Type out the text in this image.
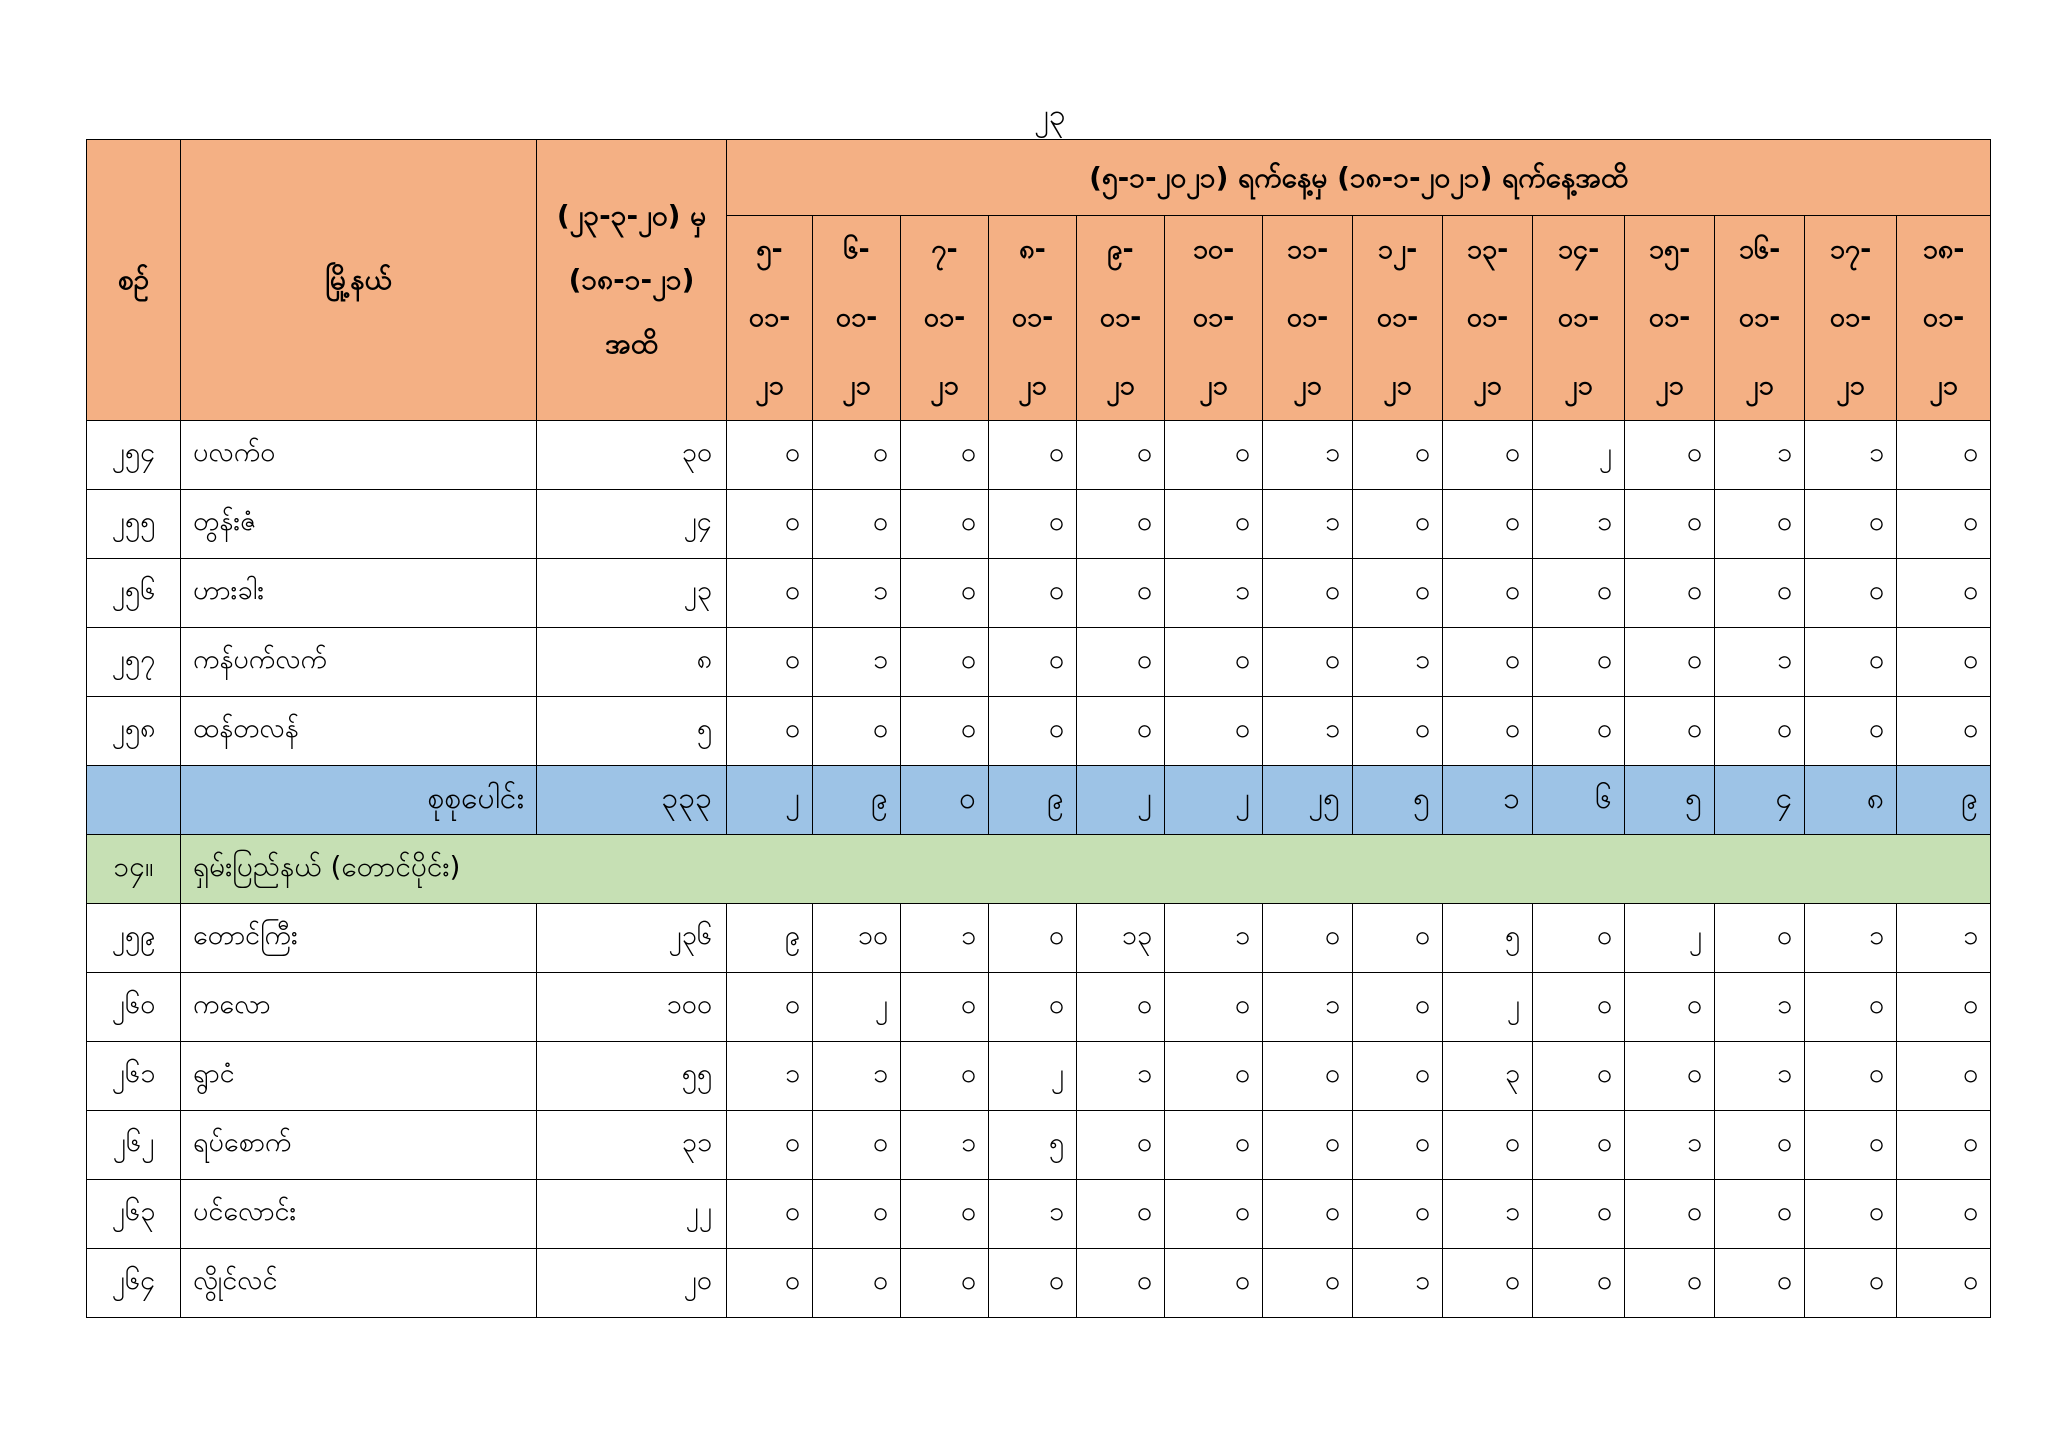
၂၃
စဉ်	မြို့နယ်	(၂၃-၃-၂၀) မှ
(၁၈-၁-၂၁)
အထိ	(၅-၁-၂၀၂၁) ရက်နေ့မှ (၁၈-၁-၂၀၂၁) ရက်နေ့အထိ													

			၅-
၀၁-
၂၁	၆-
၀၁-
၂၁	၇-
၀၁-
၂၁	၈-
၀၁-
၂၁	၉-
၀၁-
၂၁	၁၀-
၀၁-
၂၁	၁၁-
၀၁-
၂၁	၁၂-
၀၁-
၂၁	၁၃-
၀၁-
၂၁	၁၄-
၀၁-
၂၁	၁၅-
၀၁-
၂၁	၁၆-
၀၁-
၂၁	၁၇-
၀၁-
၂၁	၁၈-
၀၁-
၂၁

၂၅၄	ပလက်ဝ	၃၀	၀	၀	၀	၀	၀	၀	၁	၀	၀	၂	၀	၁	၁	၀
၂၅၅	တွန်းဇံ	၂၄	၀	၀	၀	၀	၀	၀	၁	၀	၀	၁	၀	၀	၀	၀
၂၅၆	ဟားခါး	၂၃	၀	၁	၀	၀	၀	၁	၀	၀	၀	၀	၀	၀	၀	၀
၂၅၇	ကန်ပက်လက်	၈	၀	၁	၀	၀	၀	၀	၀	၁	၀	၀	၀	၁	၀	၀
၂၅၈	ထန်တလန်	၅	၀	၀	၀	၀	၀	၀	၁	၀	၀	၀	၀	၀	၀	၀
	စုစုပေါင်း	၃၃၃	၂	၉	၀	၉	၂	၂	၂၅	၅	၁	၆	၅	၄	၈	၉
၁၄။	ရှမ်းပြည်နယ် (တောင်ပိုင်း)															
၂၅၉	တောင်ကြီး	၂၃၆	၉	၁၀	၁	၀	၁၃	၁	၀	၀	၅	၀	၂	၀	၁	၁
၂၆၀	ကလော	၁၀၀	၀	၂	၀	၀	၀	၀	၁	၀	၂	၀	၀	၁	၀	၀
၂၆၁	ရွာငံ	၅၅	၁	၁	၀	၂	၁	၀	၀	၀	၃	၀	၀	၁	၀	၀
၂၆၂	ရပ်စောက်	၃၁	၀	၀	၁	၅	၀	၀	၀	၀	၀	၀	၁	၀	၀	၀
၂၆၃	ပင်လောင်း	၂၂	၀	၀	၀	၁	၀	၀	၀	၀	၁	၀	၀	၀	၀	၀
၂၆၄	လွိုင်လင်	၂၀	၀	၀	၀	၀	၀	၀	၀	၁	၀	၀	၀	၀	၀	၀
